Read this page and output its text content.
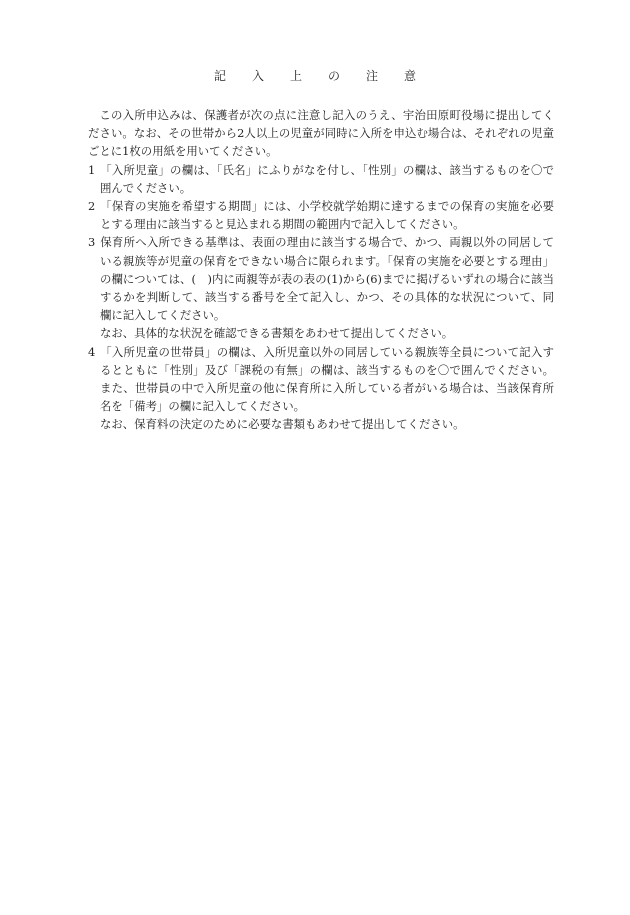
記 入 上 の 注 意

この入所申込みは、保護者が次の点に注意し記入のうえ、宇治田原町役場に提出してください。なお、その世帯から2人以上の児童が同時に入所を申込む場合は、それぞれの児童ごとに1枚の用紙を用いてください。

1 「入所児童」の欄は、「氏名」にふりがなを付し、「性別」の欄は、該当するものを〇で囲んでください。

2 「保育の実施を希望する期間」には、小学校就学始期に達するまでの保育の実施を必要とする理由に該当すると見込まれる期間の範囲内で記入してください。

3 保育所へ入所できる基準は、表面の理由に該当する場合で、かつ、両親以外の同居している親族等が児童の保育をできない場合に限られます。「保育の実施を必要とする理由」の欄については、(　)内に両親等が表の表の(1)から(6)までに掲げるいずれの場合に該当するかを判断して、該当する番号を全て記入し、かつ、その具体的な状況について、同欄に記入してください。

なお、具体的な状況を確認できる書類をあわせて提出してください。

4 「入所児童の世帯員」の欄は、入所児童以外の同居している親族等全員について記入するとともに「性別」及び「課税の有無」の欄は、該当するものを〇で囲んでください。また、世帯員の中で入所児童の他に保育所に入所している者がいる場合は、当該保育所名を「備考」の欄に記入してください。

なお、保育料の決定のために必要な書類もあわせて提出してください。
